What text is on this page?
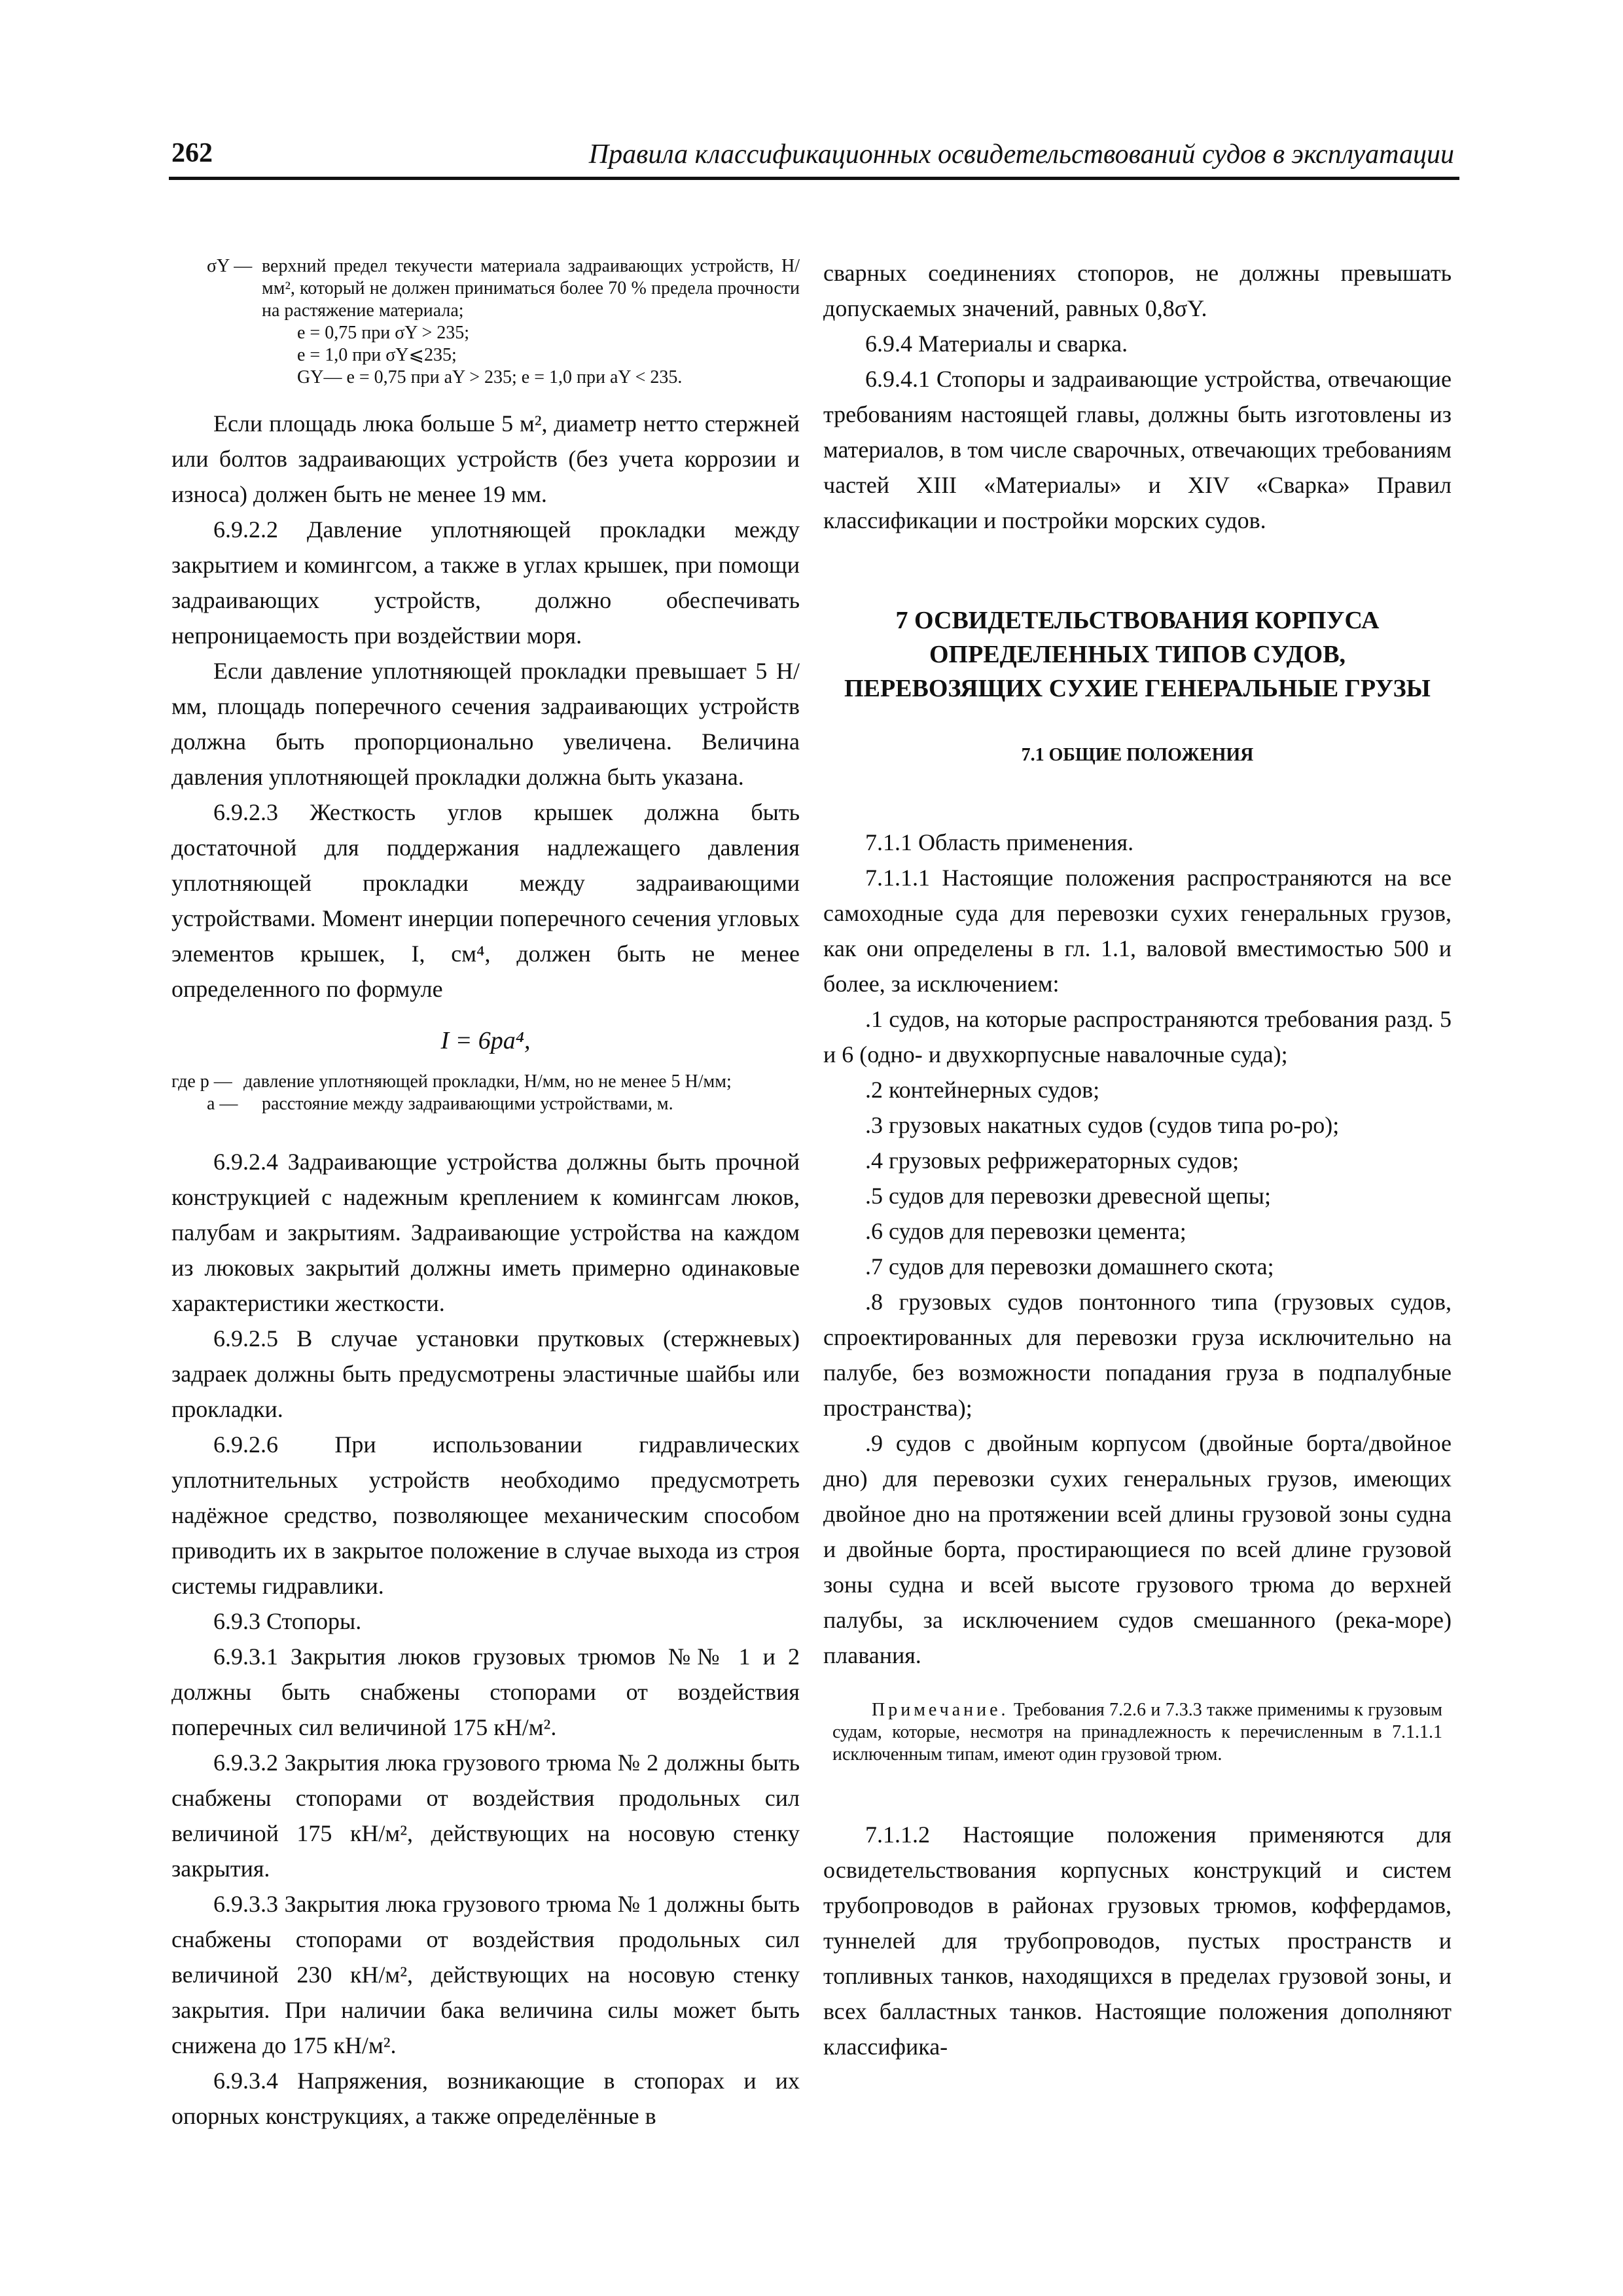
262	Правила классификационных освидетельствований судов в эксплуатации
σY — верхний предел текучести материала задраивающих устройств, Н/мм², который не должен приниматься более 70 % предела прочности на растяжение материала;
e = 0,75 при σY > 235;
e = 1,0 при σY⩽235;
GY— e = 0,75 при aY > 235; e = 1,0 при aY < 235.

Если площадь люка больше 5 м², диаметр нетто стержней или болтов задраивающих устройств (без учета коррозии и износа) должен быть не менее 19 мм.

6.9.2.2 Давление уплотняющей прокладки между закрытием и комингсом, а также в углах крышек, при помощи задраивающих устройств, должно обеспечивать непроницаемость при воздействии моря.

Если давление уплотняющей прокладки превышает 5 Н/мм, площадь поперечного сечения задраивающих устройств должна быть пропорционально увеличена. Величина давления уплотняющей прокладки должна быть указана.

6.9.2.3 Жесткость углов крышек должна быть достаточной для поддержания надлежащего давления уплотняющей прокладки между задраивающими устройствами. Момент инерции поперечного сечения угловых элементов крышек, I, см⁴, должен быть не менее определенного по формуле

I = 6pa⁴,
где p — давление уплотняющей прокладки, Н/мм, но не менее 5 Н/мм;
a —	расстояние между задраивающими устройствами, м.

6.9.2.4 Задраивающие устройства должны быть прочной конструкцией с надежным креплением к комингсам люков, палубам и закрытиям. Задраивающие устройства на каждом из люковых закрытий должны иметь примерно одинаковые характеристики жесткости.

6.9.2.5 В случае установки прутковых (стержневых) задраек должны быть предусмотрены эластичные шайбы или прокладки.

6.9.2.6 При использовании гидравлических уплотнительных устройств необходимо предусмотреть надёжное средство, позволяющее механическим способом приводить их в закрытое положение в случае выхода из строя системы гидравлики.

6.9.3 Стопоры.

6.9.3.1 Закрытия люков грузовых трюмов №№ 1 и 2 должны быть снабжены стопорами от воздействия поперечных сил величиной 175 кН/м².

6.9.3.2 Закрытия люка грузового трюма № 2 должны быть снабжены стопорами от воздействия продольных сил величиной 175 кН/м², действующих на носовую стенку закрытия.

6.9.3.3 Закрытия люка грузового трюма № 1 должны быть снабжены стопорами от воздействия продольных сил величиной 230 кН/м², действующих на носовую стенку закрытия. При наличии бака величина силы может быть снижена до 175 кН/м².

6.9.3.4 Напряжения, возникающие в стопорах и их опорных конструкциях, а также определённые в

сварных соединениях стопоров, не должны превышать допускаемых значений, равных 0,8σY.

6.9.4 Материалы и сварка.

6.9.4.1 Стопоры и задраивающие устройства, отвечающие требованиям настоящей главы, должны быть изготовлены из материалов, в том числе сварочных, отвечающих требованиям частей XIII «Материалы» и XIV «Сварка» Правил классификации и постройки морских судов.

7 ОСВИДЕТЕЛЬСТВОВАНИЯ КОРПУСА ОПРЕДЕЛЕННЫХ ТИПОВ СУДОВ, ПЕРЕВОЗЯЩИХ СУХИЕ ГЕНЕРАЛЬНЫЕ ГРУЗЫ
7.1 ОБЩИЕ ПОЛОЖЕНИЯ

7.1.1 Область применения.

7.1.1.1 Настоящие положения распространяются на все самоходные суда для перевозки сухих генеральных грузов, как они определены в гл. 1.1, валовой вместимостью 500 и более, за исключением:

.1 судов, на которые распространяются требования разд. 5 и 6 (одно- и двухкорпусные навалочные суда);

.2 контейнерных судов;

.3 грузовых накатных судов (судов типа ро-ро);

.4 грузовых рефрижераторных судов;

.5 судов для перевозки древесной щепы;

.6 судов для перевозки цемента;

.7 судов для перевозки домашнего скота;

.8 грузовых судов понтонного типа (грузовых судов, спроектированных для перевозки груза исключительно на палубе, без возможности попадания груза в подпалубные пространства);

.9 судов с двойным корпусом (двойные борта/двойное дно) для перевозки сухих генеральных грузов, имеющих двойное дно на протяжении всей длины грузовой зоны судна и двойные борта, простирающиеся по всей длине грузовой зоны судна и всей высоте грузового трюма до верхней палубы, за исключением судов смешанного (река-море) плавания.

Примечание. Требования 7.2.6 и 7.3.3 также применимы к грузовым судам, которые, несмотря на принадлежность к перечисленным в 7.1.1.1 исключенным типам, имеют один грузовой трюм.

7.1.1.2 Настоящие положения применяются для освидетельствования корпусных конструкций и систем трубопроводов в районах грузовых трюмов, коффердамов, туннелей для трубопроводов, пустых пространств и топливных танков, находящихся в пределах грузовой зоны, и всех балластных танков. Настоящие положения дополняют классифика-
